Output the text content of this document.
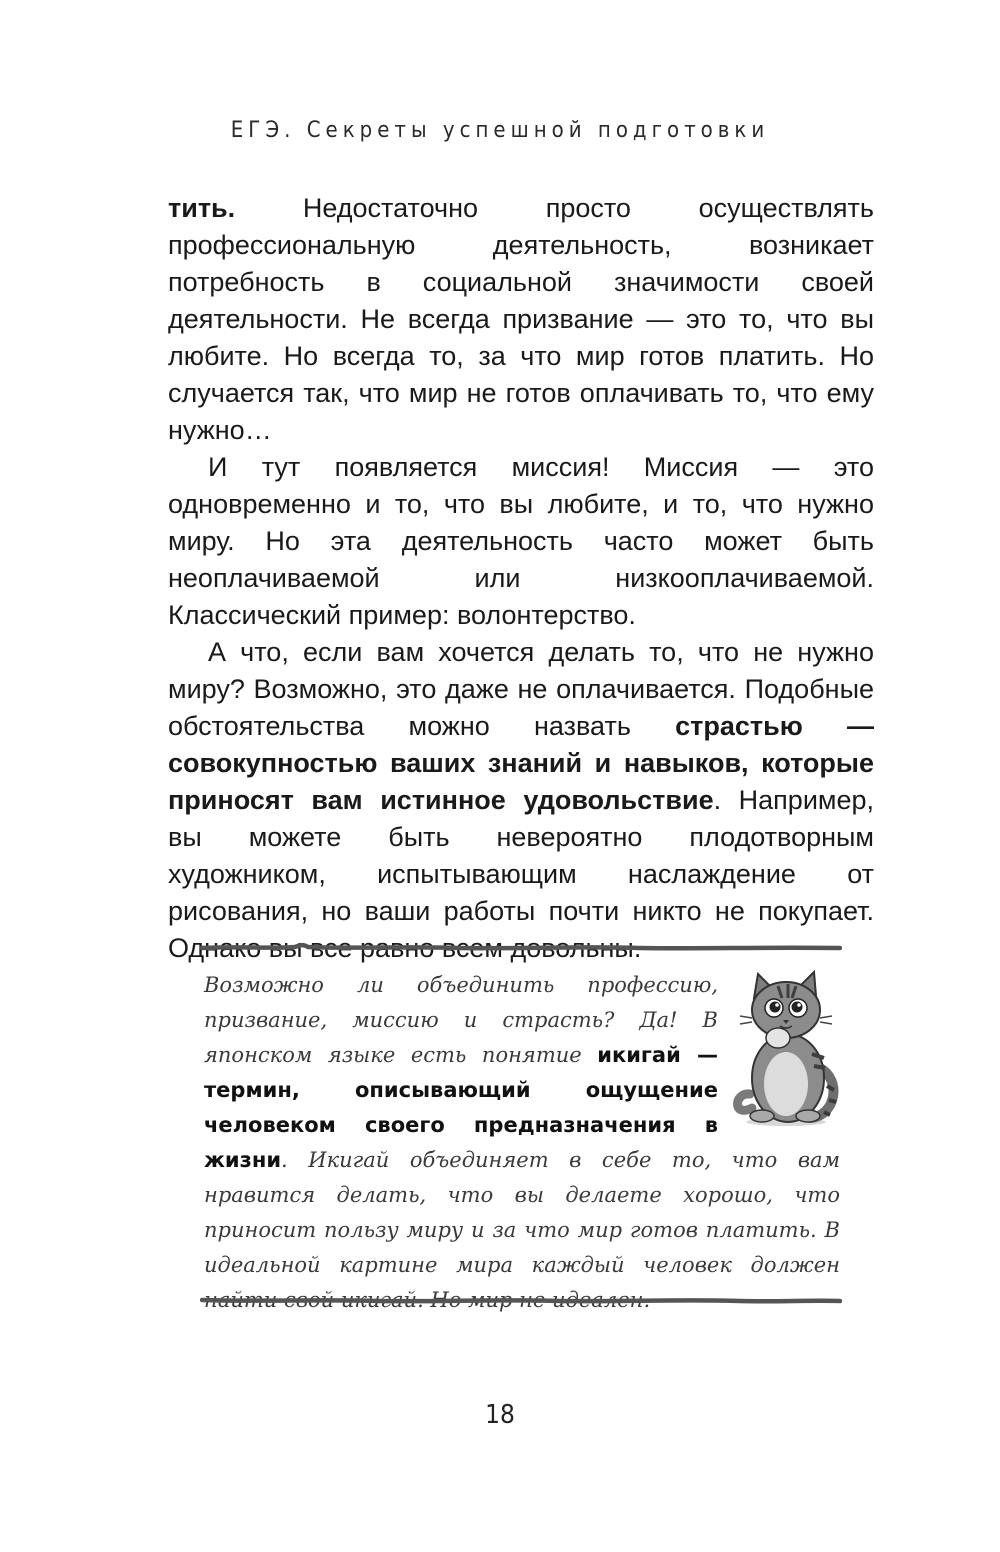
ЕГЭ. Секреты успешной подготовки

тить. Недостаточно просто осуществлять профессиональную деятельность, возникает потребность в социальной значимости своей деятельности. Не всегда призвание — это то, что вы любите. Но всегда то, за что мир готов платить. Но случается так, что мир не готов оплачивать то, что ему нужно…

И тут появляется миссия! Миссия — это одновременно и то, что вы любите, и то, что нужно миру. Но эта деятельность часто может быть неоплачиваемой или низкооплачиваемой. Классический пример: волонтерство.

А что, если вам хочется делать то, что не нужно миру? Возможно, это даже не оплачивается. Подобные обстоятельства можно назвать страстью — совокупностью ваших знаний и навыков, которые приносят вам истинное удовольствие. Например, вы можете быть невероятно плодотворным художником, испытывающим наслаждение от рисования, но ваши работы почти никто не покупает. Однако вы все равно всем довольны.

Возможно ли объединить профессию, призвание, миссию и страсть? Да! В японском языке есть понятие икигай — термин, описывающий ощущение человеком своего предназначения в жизни. Икигай объединяет в себе то, что вам нравится делать, что вы делаете хорошо, что приносит пользу миру и за что мир готов платить. В идеальной картине мира каждый человек должен найти свой икигай. Но мир не идеален.
18
